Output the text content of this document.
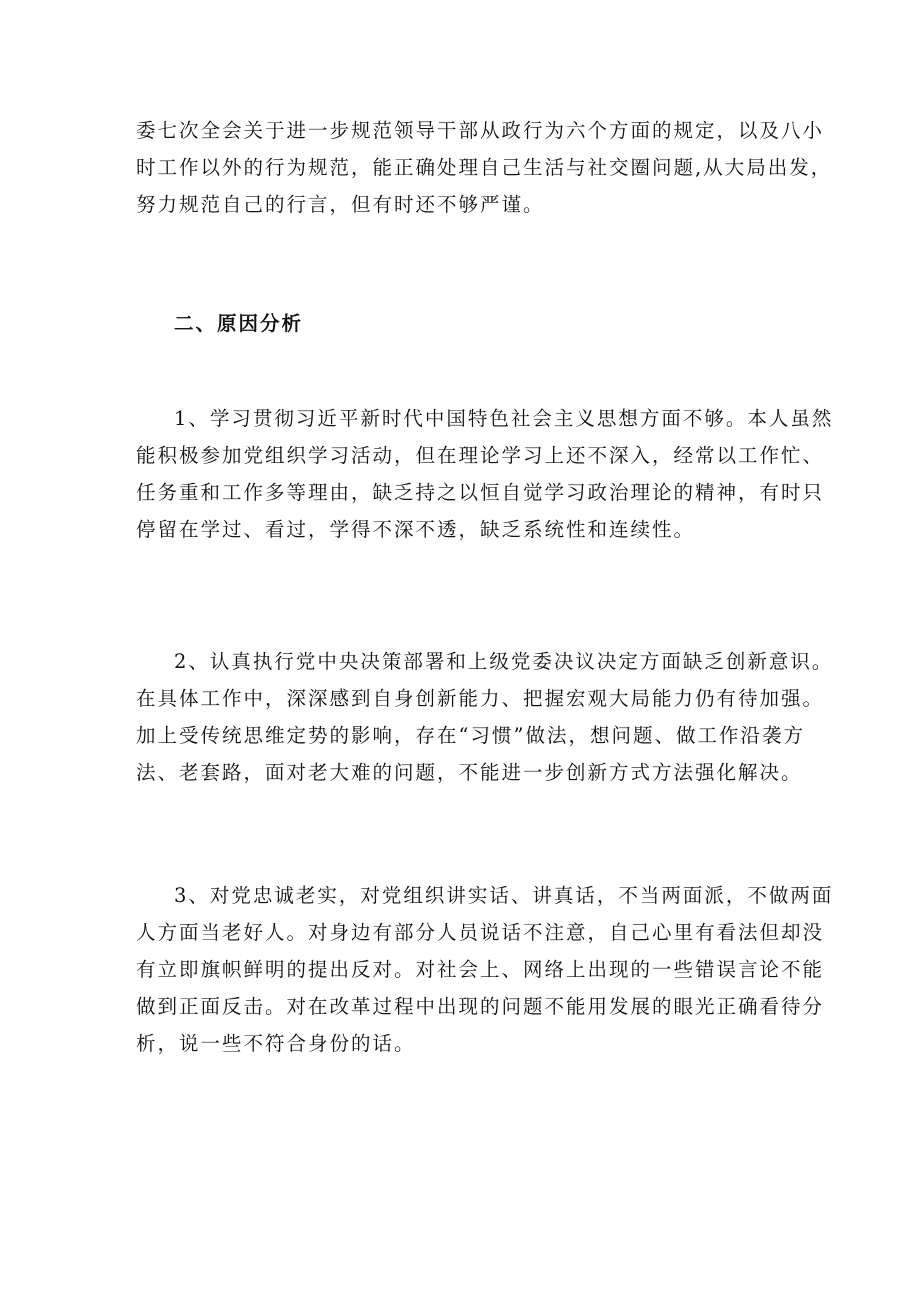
委七次全会关于进一步规范领导干部从政行为六个方面的规定，以及八小
时工作以外的行为规范，能正确处理自己生活与社交圈问题,从大局出发，
努力规范自己的行言，但有时还不够严谨。

二、原因分析

1、学习贯彻习近平新时代中国特色社会主义思想方面不够。本人虽然
能积极参加党组织学习活动，但在理论学习上还不深入，经常以工作忙、
任务重和工作多等理由，缺乏持之以恒自觉学习政治理论的精神，有时只
停留在学过、看过，学得不深不透，缺乏系统性和连续性。

2、认真执行党中央决策部署和上级党委决议决定方面缺乏创新意识。
在具体工作中，深深感到自身创新能力、把握宏观大局能力仍有待加强。
加上受传统思维定势的影响，存在“习惯”做法，想问题、做工作沿袭方
法、老套路，面对老大难的问题，不能进一步创新方式方法强化解决。

3、对党忠诚老实，对党组织讲实话、讲真话，不当两面派，不做两面
人方面当老好人。对身边有部分人员说话不注意，自己心里有看法但却没
有立即旗帜鲜明的提出反对。对社会上、网络上出现的一些错误言论不能
做到正面反击。对在改革过程中出现的问题不能用发展的眼光正确看待分
析，说一些不符合身份的话。
